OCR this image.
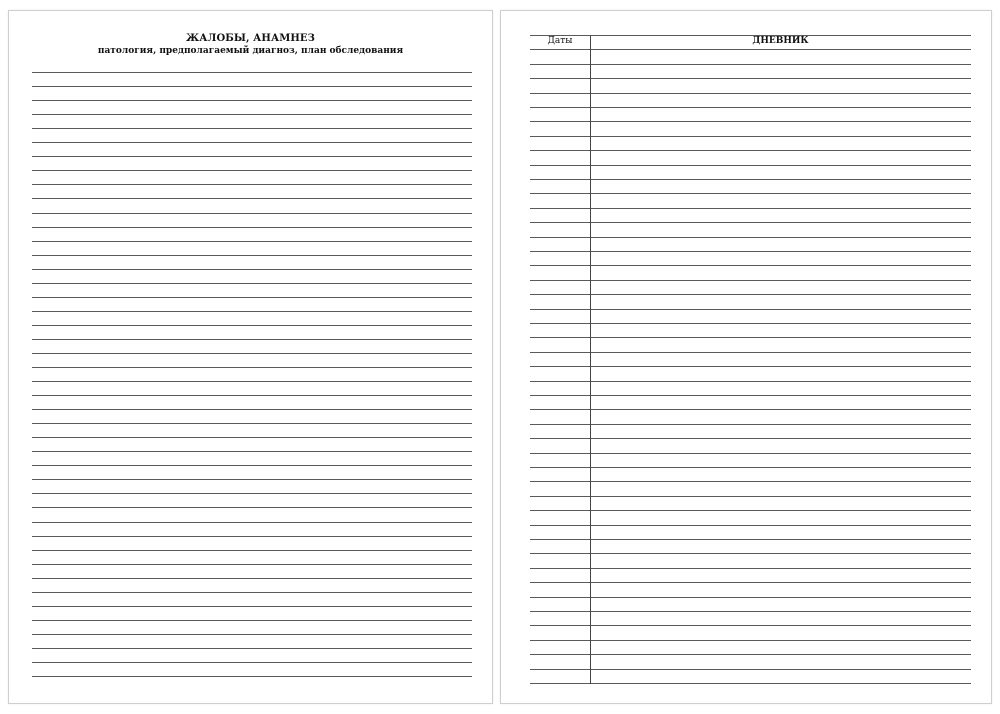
ЖАЛОБЫ, АНАМНЕЗ
патология, предполагаемый диагноз, план обследования
Даты	ДНЕВНИК
